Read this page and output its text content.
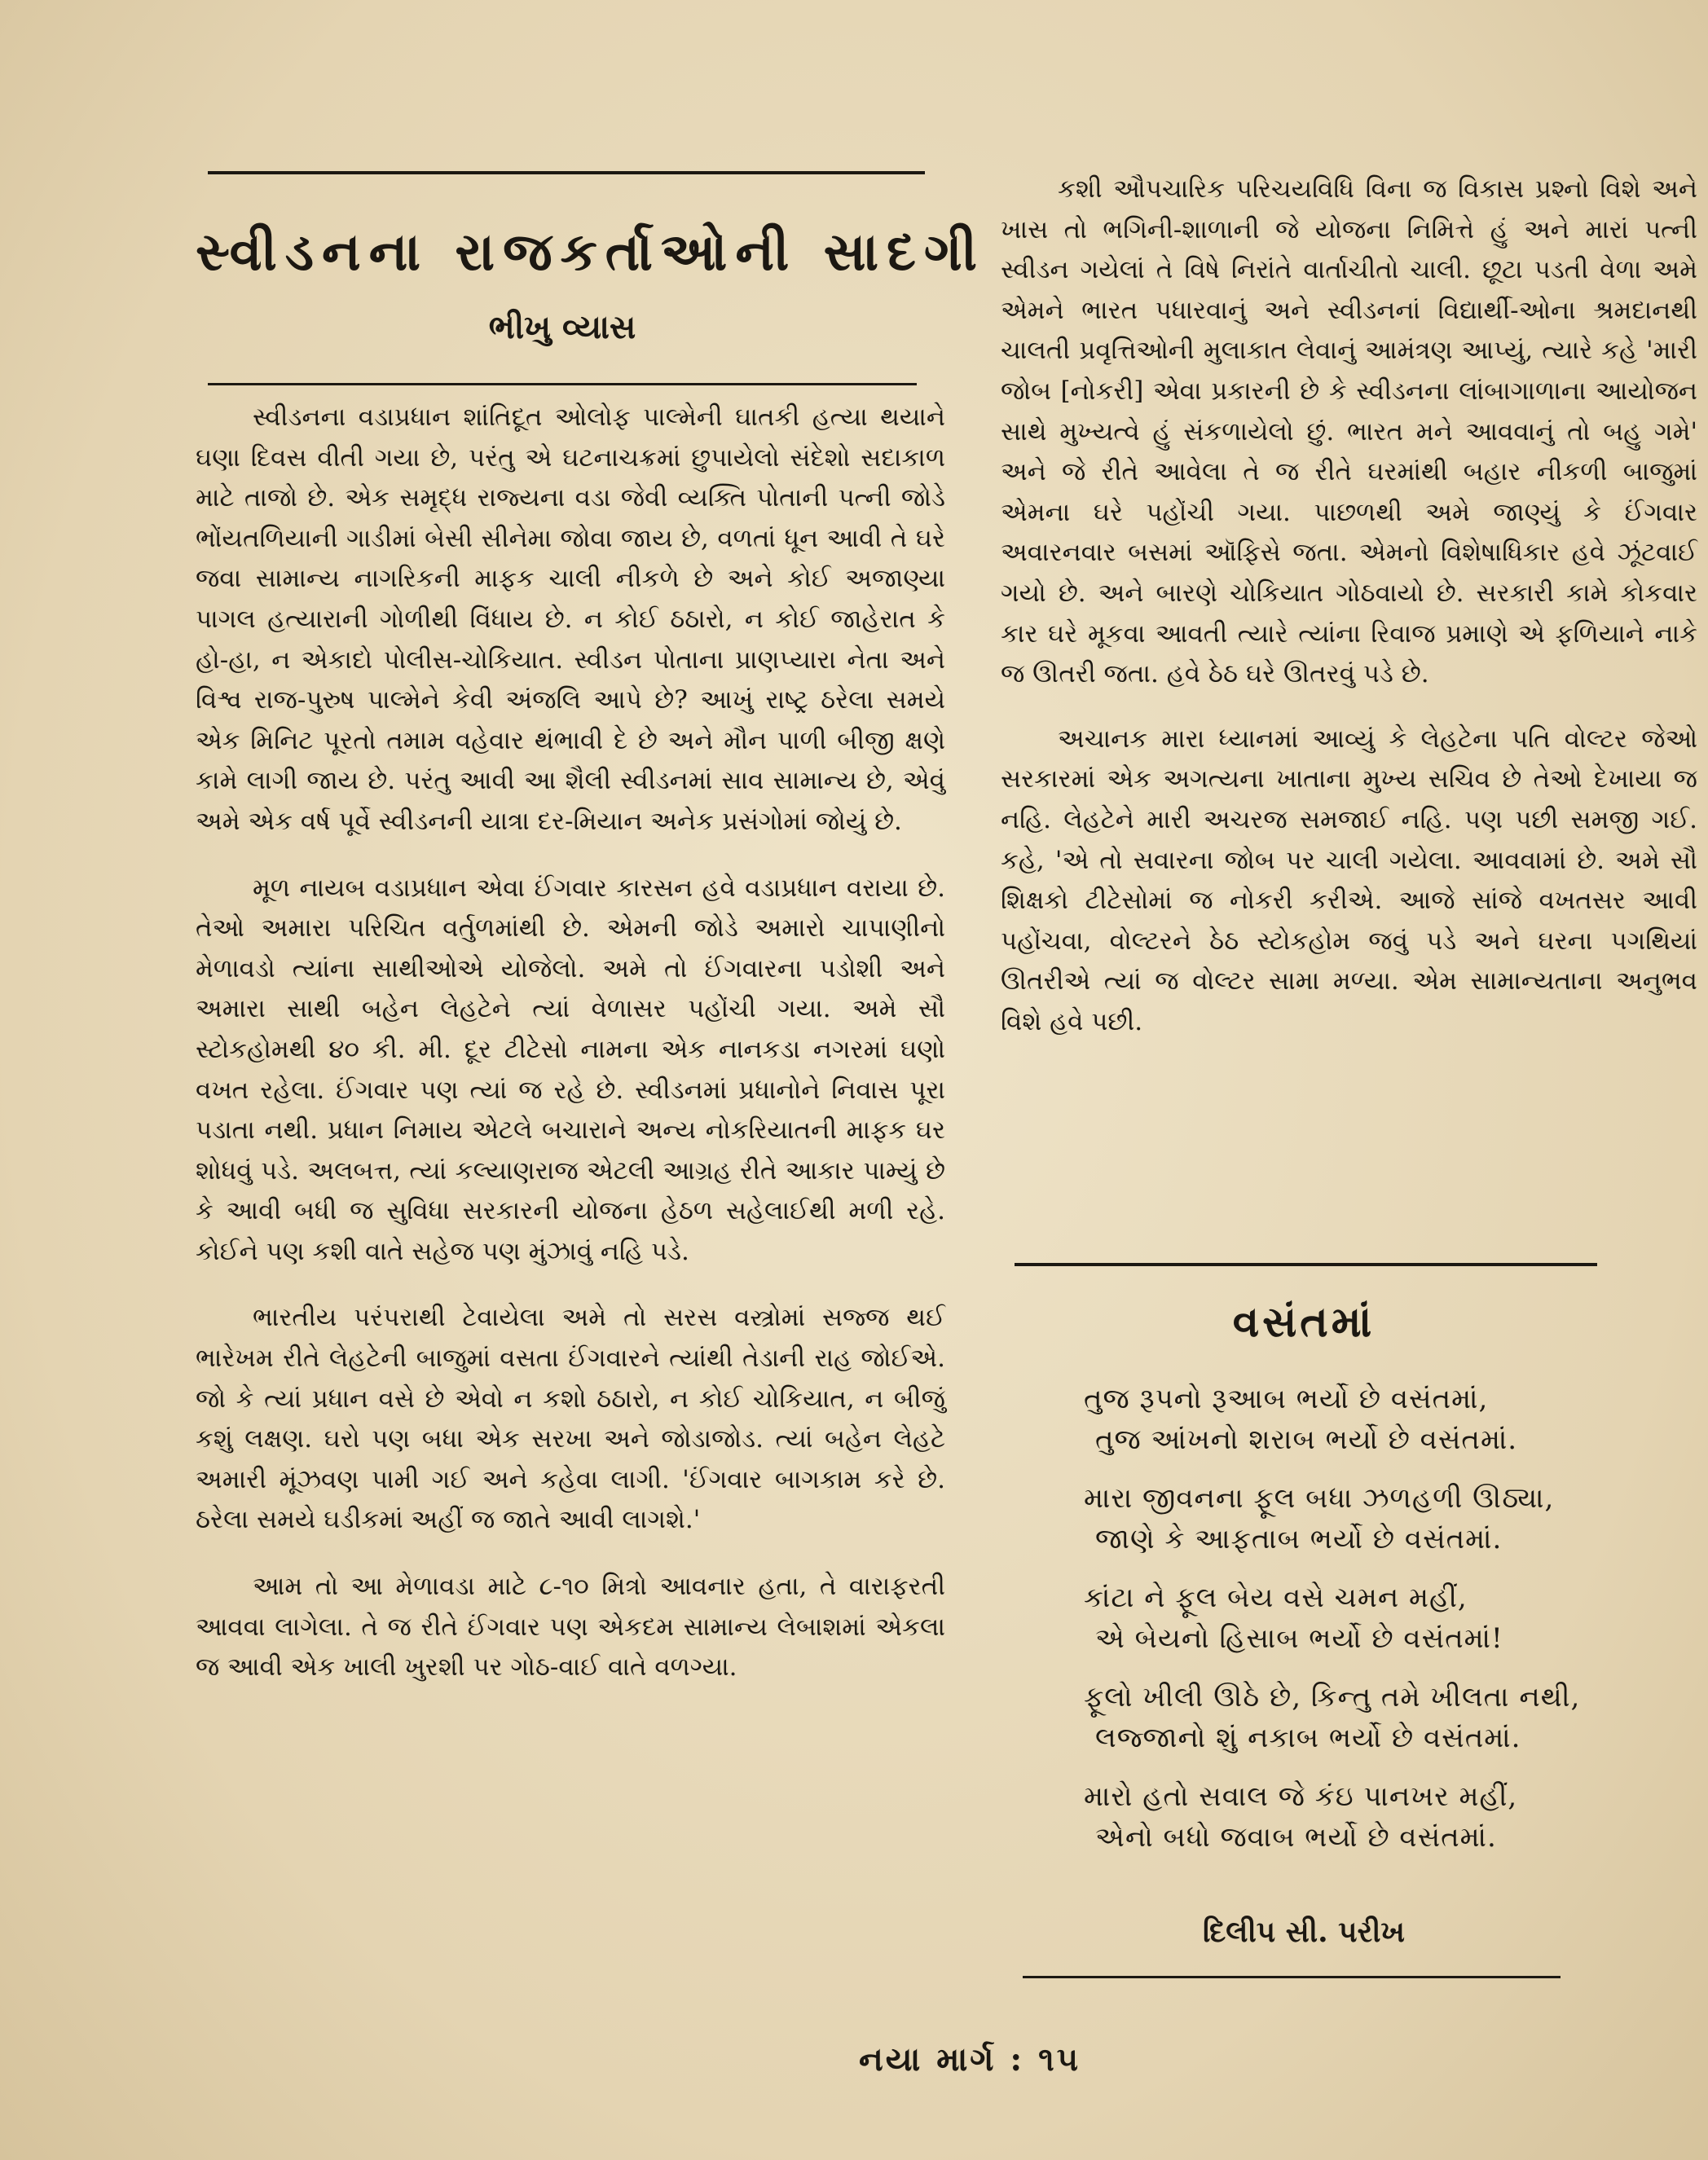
સ્વીડનના રાજકર્તાઓની સાદગી
ભીખુ વ્યાસ

સ્વીડનના વડાપ્રધાન શાંતિદૂત ઓલોફ પાલ્મેની ઘાતકી હત્યા થયાને ઘણા દિવસ વીતી ગયા છે, પરંતુ એ ઘટનાચક્રમાં છુપાયેલો સંદેશો સદાકાળ માટે તાજો છે. એક સમૃદ્ધ રાજ્યના વડા જેવી વ્યક્તિ પોતાની પત્ની જોડે ભોંયતળિયાની ગાડીમાં બેસી સીનેમા જોવા જાય છે, વળતાં ધૂન આવી તે ઘરે જવા સામાન્ય નાગરિકની માફક ચાલી નીકળે છે અને કોઈ અજાણ્યા પાગલ હત્યારાની ગોળીથી વિંધાય છે. ન કોઈ ઠઠારો, ન કોઈ જાહેરાત કે હો-હા, ન એકાદો પોલીસ-ચોકિયાત. સ્વીડન પોતાના પ્રાણપ્યારા નેતા અને વિશ્વ રાજ-પુરુષ પાલ્મેને કેવી અંજલિ આપે છે? આખું રાષ્ટ્ર ઠરેલા સમયે એક મિનિટ પૂરતો તમામ વહેવાર થંભાવી દે છે અને મૌન પાળી બીજી ક્ષણે કામે લાગી જાય છે. પરંતુ આવી આ શૈલી સ્વીડનમાં સાવ સામાન્ય છે, એવું અમે એક વર્ષ પૂર્વે સ્વીડનની યાત્રા દર-મિયાન અનેક પ્રસંગોમાં જોયું છે.

મૂળ નાયબ વડાપ્રધાન એવા ઈંગવાર કારસન હવે વડાપ્રધાન વરાયા છે. તેઓ અમારા પરિચિત વર્તુળમાંથી છે. એમની જોડે અમારો ચાપાણીનો મેળાવડો ત્યાંના સાથીઓએ યોજેલો. અમે તો ઈંગવારના પડોશી અને અમારા સાથી બહેન લેહટેને ત્યાં વેળાસર પહોંચી ગયા. અમે સૌ સ્ટોકહોમથી ૪૦ કી. મી. દૂર ટીટેસો નામના એક નાનકડા નગરમાં ઘણો વખત રહેલા. ઈંગવાર પણ ત્યાં જ રહે છે. સ્વીડનમાં પ્રધાનોને નિવાસ પૂરા પડાતા નથી. પ્રધાન નિમાય એટલે બચારાને અન્ય નોકરિયાતની માફક ઘર શોધવું પડે. અલબત્ત, ત્યાં કલ્યાણરાજ એટલી આગ્રહ રીતે આકાર પામ્યું છે કે આવી બધી જ સુવિધા સરકારની યોજના હેઠળ સહેલાઈથી મળી રહે. કોઈને પણ કશી વાતે સહેજ પણ મુંઝાવું નહિ પડે.

ભારતીય પરંપરાથી ટેવાયેલા અમે તો સરસ વસ્ત્રોમાં સજ્જ થઈ ભારેખમ રીતે લેહટેની બાજુમાં વસતા ઈંગવારને ત્યાંથી તેડાની રાહ જોઈએ. જો કે ત્યાં પ્રધાન વસે છે એવો ન કશો ઠઠારો, ન કોઈ ચોકિયાત, ન બીજું કશું લક્ષણ. ઘરો પણ બધા એક સરખા અને જોડાજોડ. ત્યાં બહેન લેહટે અમારી મૂંઝવણ પામી ગઈ અને કહેવા લાગી. 'ઈંગવાર બાગકામ કરે છે. ઠરેલા સમયે ઘડીકમાં અહીં જ જાતે આવી લાગશે.'

આમ તો આ મેળાવડા માટે ૮-૧૦ મિત્રો આવનાર હતા, તે વારાફરતી આવવા લાગેલા. તે જ રીતે ઈંગવાર પણ એકદમ સામાન્ય લેબાશમાં એકલા જ આવી એક ખાલી ખુરશી પર ગોઠ-વાઈ વાતે વળગ્યા.

કશી ઔપચારિક પરિચયવિધિ વિના જ વિકાસ પ્રશ્નો વિશે અને ખાસ તો ભગિની-શાળાની જે યોજના નિમિત્તે હું અને મારાં પત્ની સ્વીડન ગયેલાં તે વિષે નિરાંતે વાર્તાચીતો ચાલી. છૂટા પડતી વેળા અમે એમને ભારત પધારવાનું અને સ્વીડનનાં વિદ્યાર્થી-ઓના શ્રમદાનથી ચાલતી પ્રવૃત્તિઓની મુલાકાત લેવાનું આમંત્રણ આપ્યું, ત્યારે કહે 'મારી જોબ [નોકરી] એવા પ્રકારની છે કે સ્વીડનના લાંબાગાળાના આયોજન સાથે મુખ્યત્વે હું સંકળાયેલો છું. ભારત મને આવવાનું તો બહુ ગમે' અને જે રીતે આવેલા તે જ રીતે ઘરમાંથી બહાર નીકળી બાજુમાં એમના ઘરે પહોંચી ગયા. પાછળથી અમે જાણ્યું કે ઈંગવાર અવારનવાર બસમાં ઑફિસે જતા. એમનો વિશેષાધિકાર હવે ઝૂંટવાઈ ગયો છે. અને બારણે ચોકિયાત ગોઠવાયો છે. સરકારી કામે કોકવાર કાર ઘરે મૂકવા આવતી ત્યારે ત્યાંના રિવાજ પ્રમાણે એ ફળિયાને નાકે જ ઊતરી જતા. હવે ઠેઠ ઘરે ઊતરવું પડે છે.

અચાનક મારા ધ્યાનમાં આવ્યું કે લેહટેના પતિ વોલ્ટર જેઓ સરકારમાં એક અગત્યના ખાતાના મુખ્ય સચિવ છે તેઓ દેખાયા જ નહિ. લેહટેને મારી અચરજ સમજાઈ નહિ. પણ પછી સમજી ગઈ. કહે, 'એ તો સવારના જોબ પર ચાલી ગયેલા. આવવામાં છે. અમે સૌ શિક્ષકો ટીટેસોમાં જ નોકરી કરીએ. આજે સાંજે વખતસર આવી પહોંચવા, વોલ્ટરને ઠેઠ સ્ટોકહોમ જવું પડે અને ઘરના પગથિયાં ઊતરીએ ત્યાં જ વોલ્ટર સામા મળ્યા. એમ સામાન્યતાના અનુભવ વિશે હવે પછી.

વસંતમાં
તુજ રૂપનો રૂઆબ ભર્યો છે વસંતમાં,
તુજ આંખનો શરાબ ભર્યો છે વસંતમાં.
મારા જીવનના ફૂલ બધા ઝળહળી ઊઠ્યા,
જાણે કે આફતાબ ભર્યો છે વસંતમાં.
કાંટા ને ફૂલ બેય વસે ચમન મહીં,
એ બેયનો હિસાબ ભર્યો છે વસંતમાં!
ફૂલો ખીલી ઊઠે છે, કિન્તુ તમે ખીલતા નથી,
લજ્જાનો શું નકાબ ભર્યો છે વસંતમાં.
મારો હતો સવાલ જે કંઇ પાનખર મહીં,
એનો બધો જવાબ ભર્યો છે વસંતમાં.
દિલીપ સી. પરીખ
નયા માર્ગ : ૧૫
